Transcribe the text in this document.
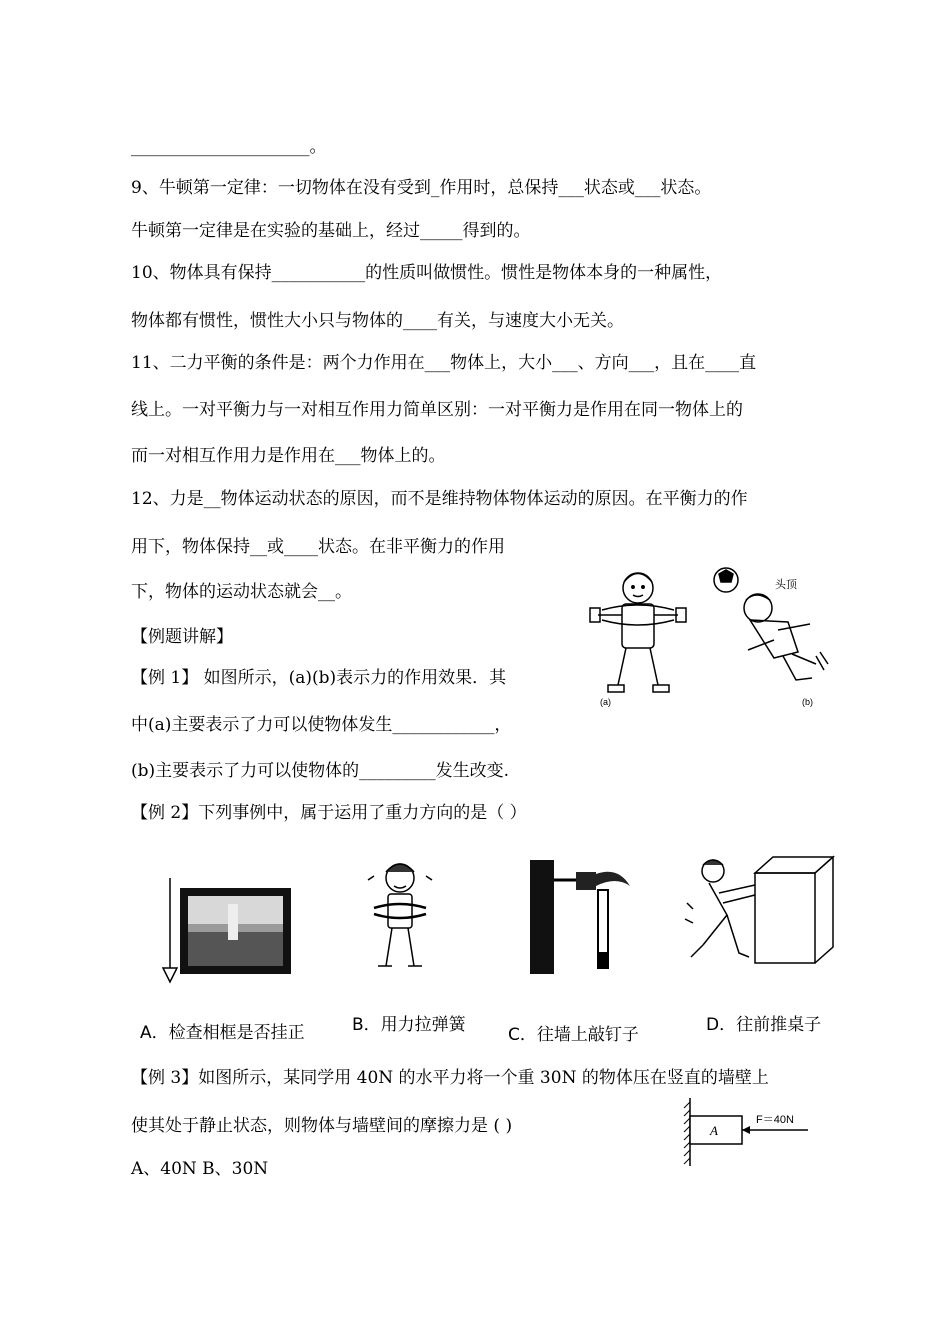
_____________________。
9、牛顿第一定律：一切物体在没有受到_作用时，总保持___状态或___状态。
牛顿第一定律是在实验的基础上，经过_____得到的。
10、物体具有保持___________的性质叫做惯性。惯性是物体本身的一种属性，
物体都有惯性，惯性大小只与物体的____有关，与速度大小无关。
11、二力平衡的条件是：两个力作用在___物体上，大小___、方向___，且在____直
线上。一对平衡力与一对相互作用力简单区别：一对平衡力是作用在同一物体上的
而一对相互作用力是作用在___物体上的。
12、力是__物体运动状态的原因，而不是维持物体物体运动的原因。在平衡力的作
用下，物体保持__或____状态。在非平衡力的作用
下，物体的运动状态就会__。
【例题讲解】
【例 1】 如图所示，(a)(b)表示力的作用效果．其
中(a)主要表示了力可以使物体发生____________，
(b)主要表示了力可以使物体的_________发生改变.
【例 2】下列事例中，属于运用了重力方向的是（ ）
【例 3】如图所示，某同学用 40N 的水平力将一个重 30N 的物体压在竖直的墙壁上
使其处于静止状态，则物体与墙壁间的摩擦力是 ( )
A、40N B、30N
头顶
(a)	(b)
A．检查相框是否挂正	B．用力拉弹簧 C．往墙上敲钉子	D．往前推桌子
A
F＝40N
